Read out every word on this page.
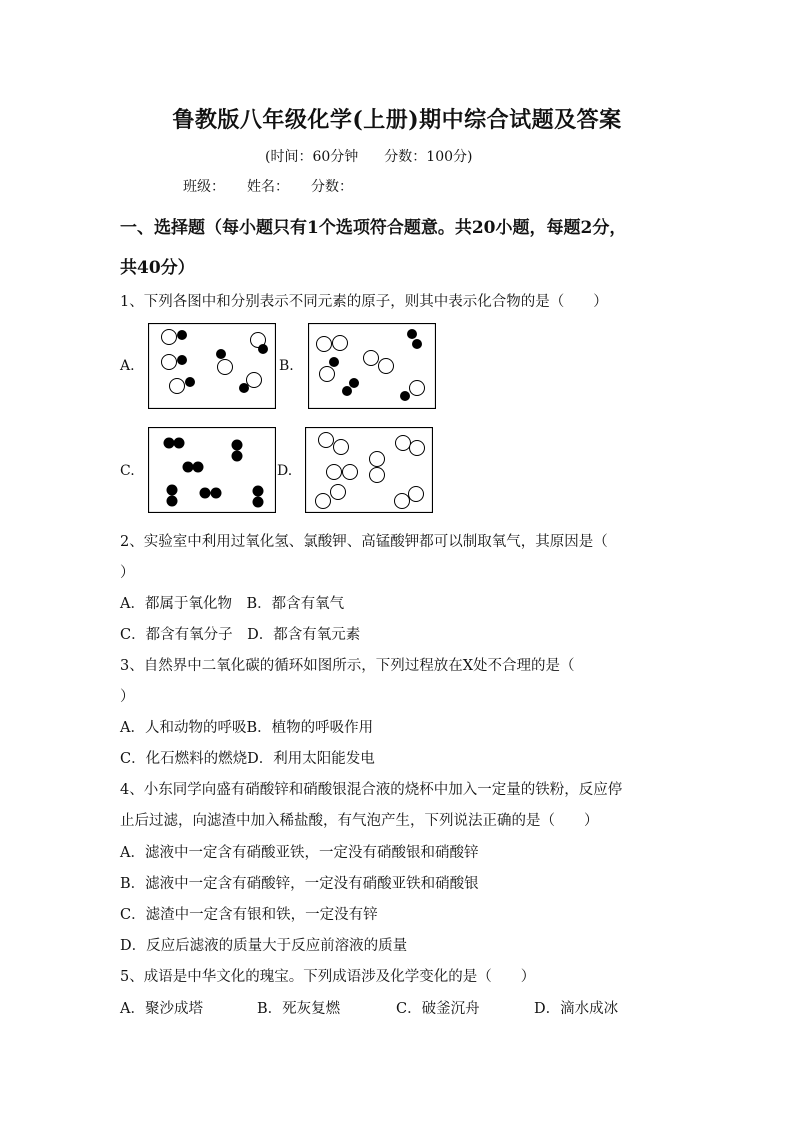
鲁教版八年级化学(上册)期中综合试题及答案
(时间：60分钟 分数：100分)
班级： 姓名： 分数：
一、选择题（每小题只有1个选项符合题意。共20小题，每题2分，
共40分）
1、下列各图中和分别表示不同元素的原子，则其中表示化合物的是（　　）
A.	B.
C.	D.
2、实验室中利用过氧化氢、氯酸钾、高锰酸钾都可以制取氧气，其原因是（
）
A．都属于氧化物　B．都含有氧气
C．都含有氧分子　D．都含有氧元素
3、自然界中二氧化碳的循环如图所示，下列过程放在X处不合理的是（
）
A．人和动物的呼吸B．植物的呼吸作用
C．化石燃料的燃烧D．利用太阳能发电
4、小东同学向盛有硝酸锌和硝酸银混合液的烧杯中加入一定量的铁粉，反应停
止后过滤，向滤渣中加入稀盐酸，有气泡产生，下列说法正确的是（　　）
A．滤液中一定含有硝酸亚铁，一定没有硝酸银和硝酸锌
B．滤液中一定含有硝酸锌，一定没有硝酸亚铁和硝酸银
C．滤渣中一定含有银和铁，一定没有锌
D．反应后滤液的质量大于反应前溶液的质量
5、成语是中华文化的瑰宝。下列成语涉及化学变化的是（　　）
A．聚沙成塔	B．死灰复燃	C．破釜沉舟	D．滴水成冰
